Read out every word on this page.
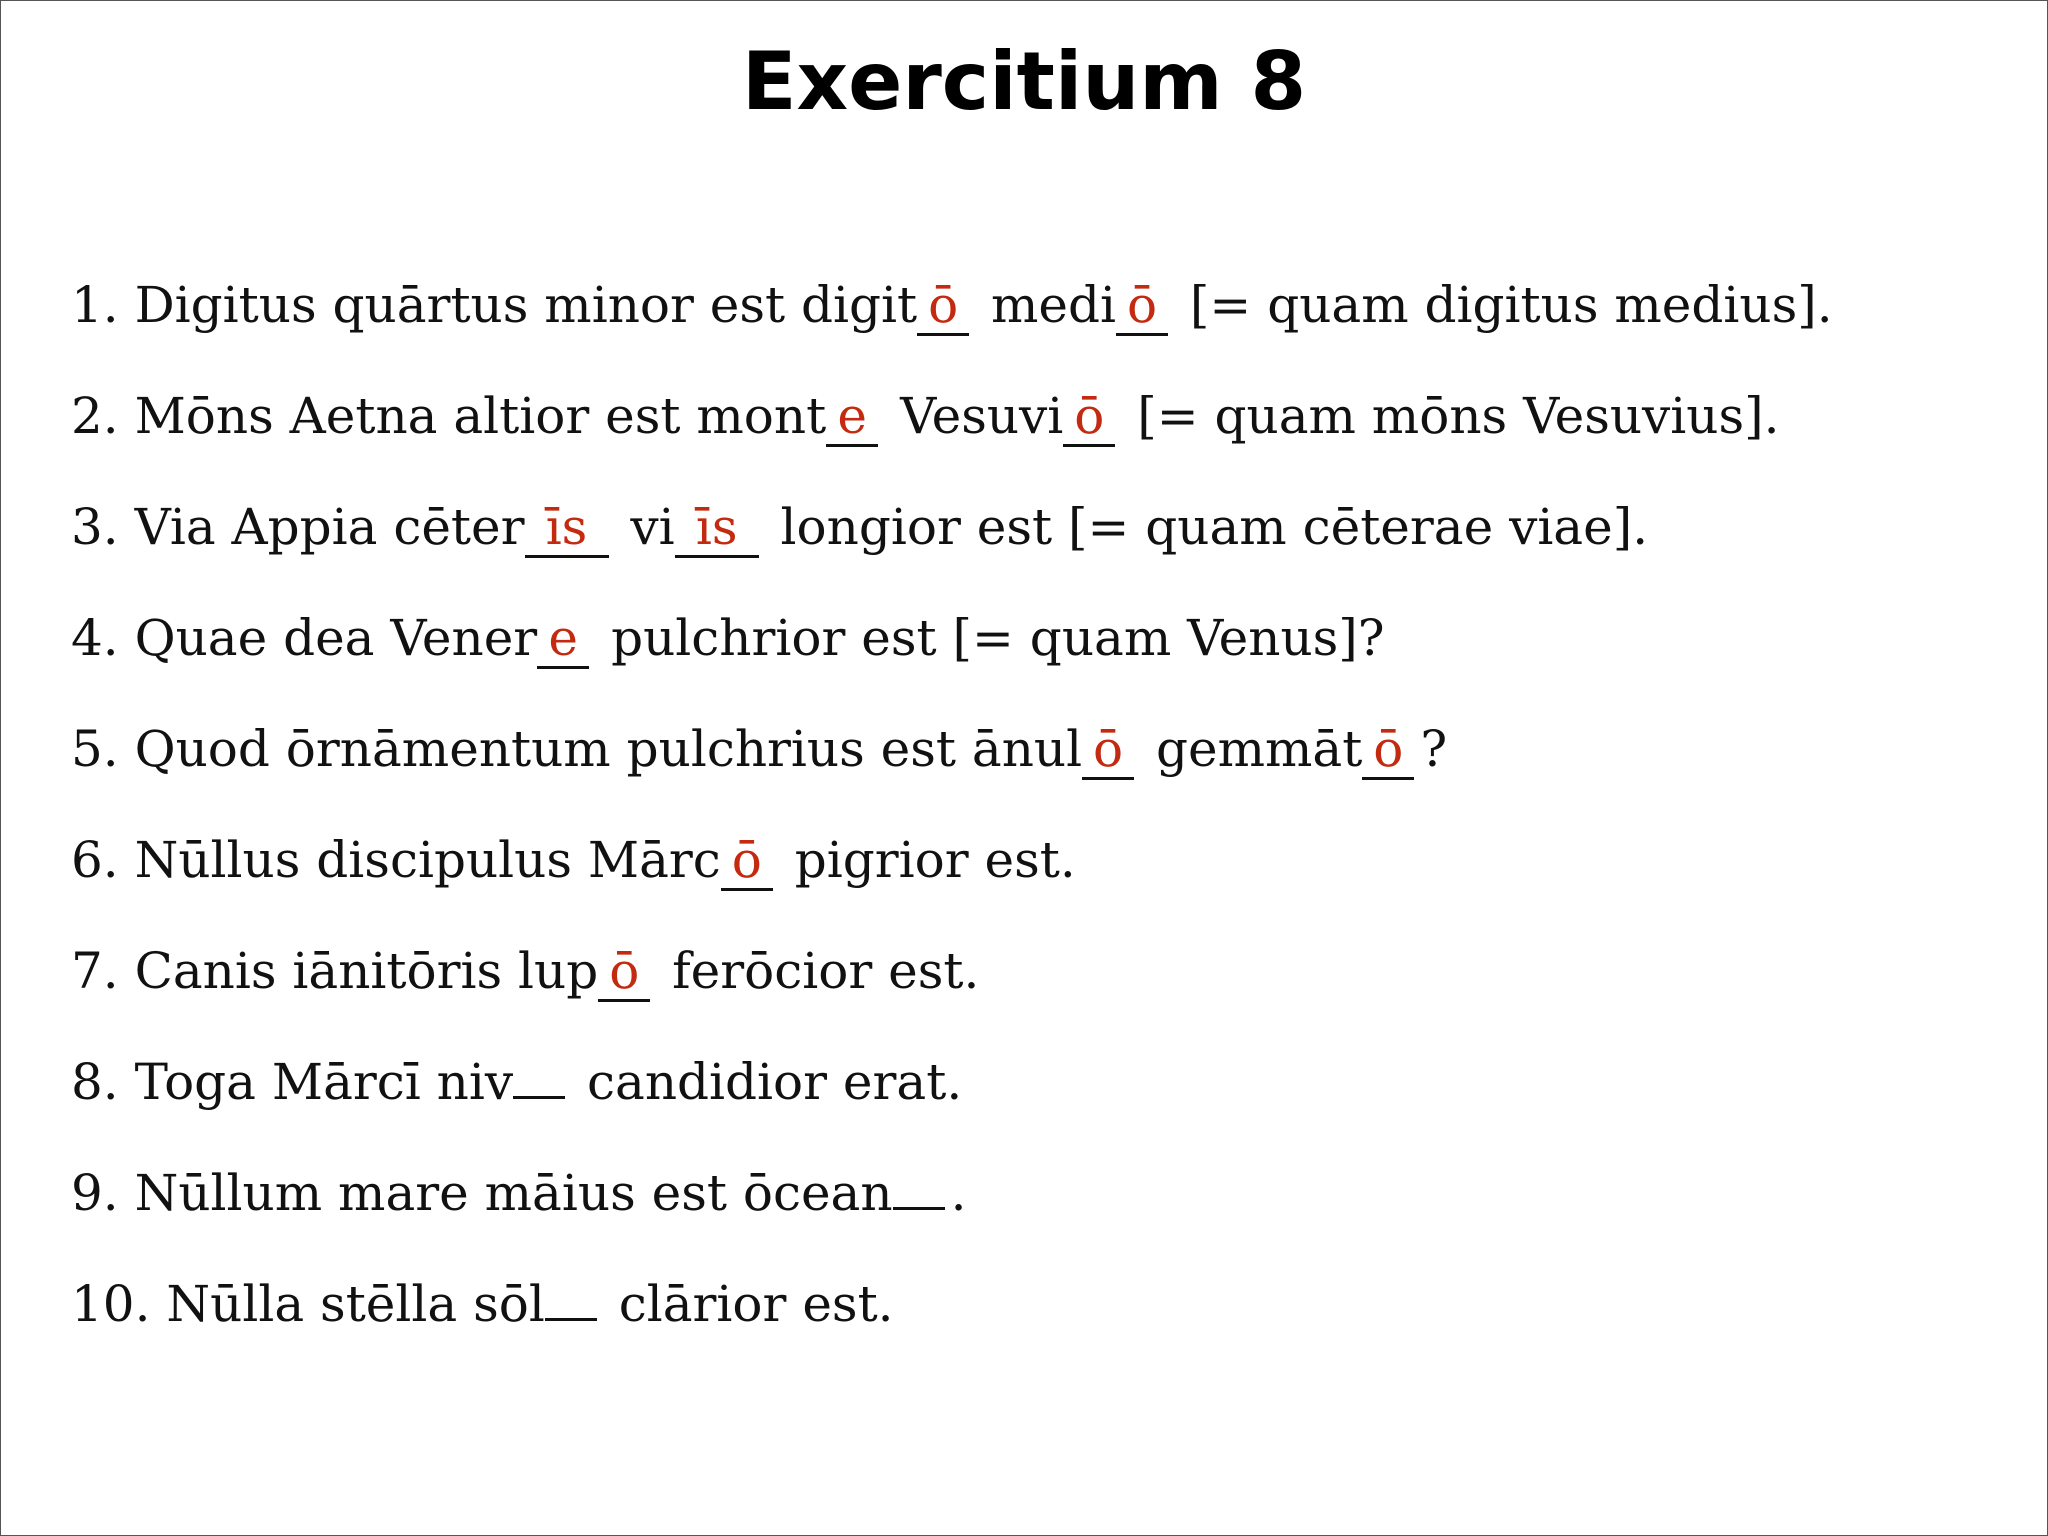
Exercitium 8
1. Digitus quārtus minor est digit ō medi ō [= quam digitus medius].
2. Mōns Aetna altior est mont e Vesuvi ō [= quam mōns Vesuvius].
3. Via Appia cēter īs vi īs longior est [= quam cēterae viae].
4. Quae dea Vener e pulchrior est [= quam Venus]?
5. Quod ōrnāmentum pulchrius est ānul ō gemmāt ō ?
6. Nūllus discipulus Mārc ō pigrior est.
7. Canis iānitōris lup ō ferōcior est.
8. Toga Mārcī niv candidior erat.
9. Nūllum mare māius est ōcean .
10. Nūlla stēlla sōl clārior est.
